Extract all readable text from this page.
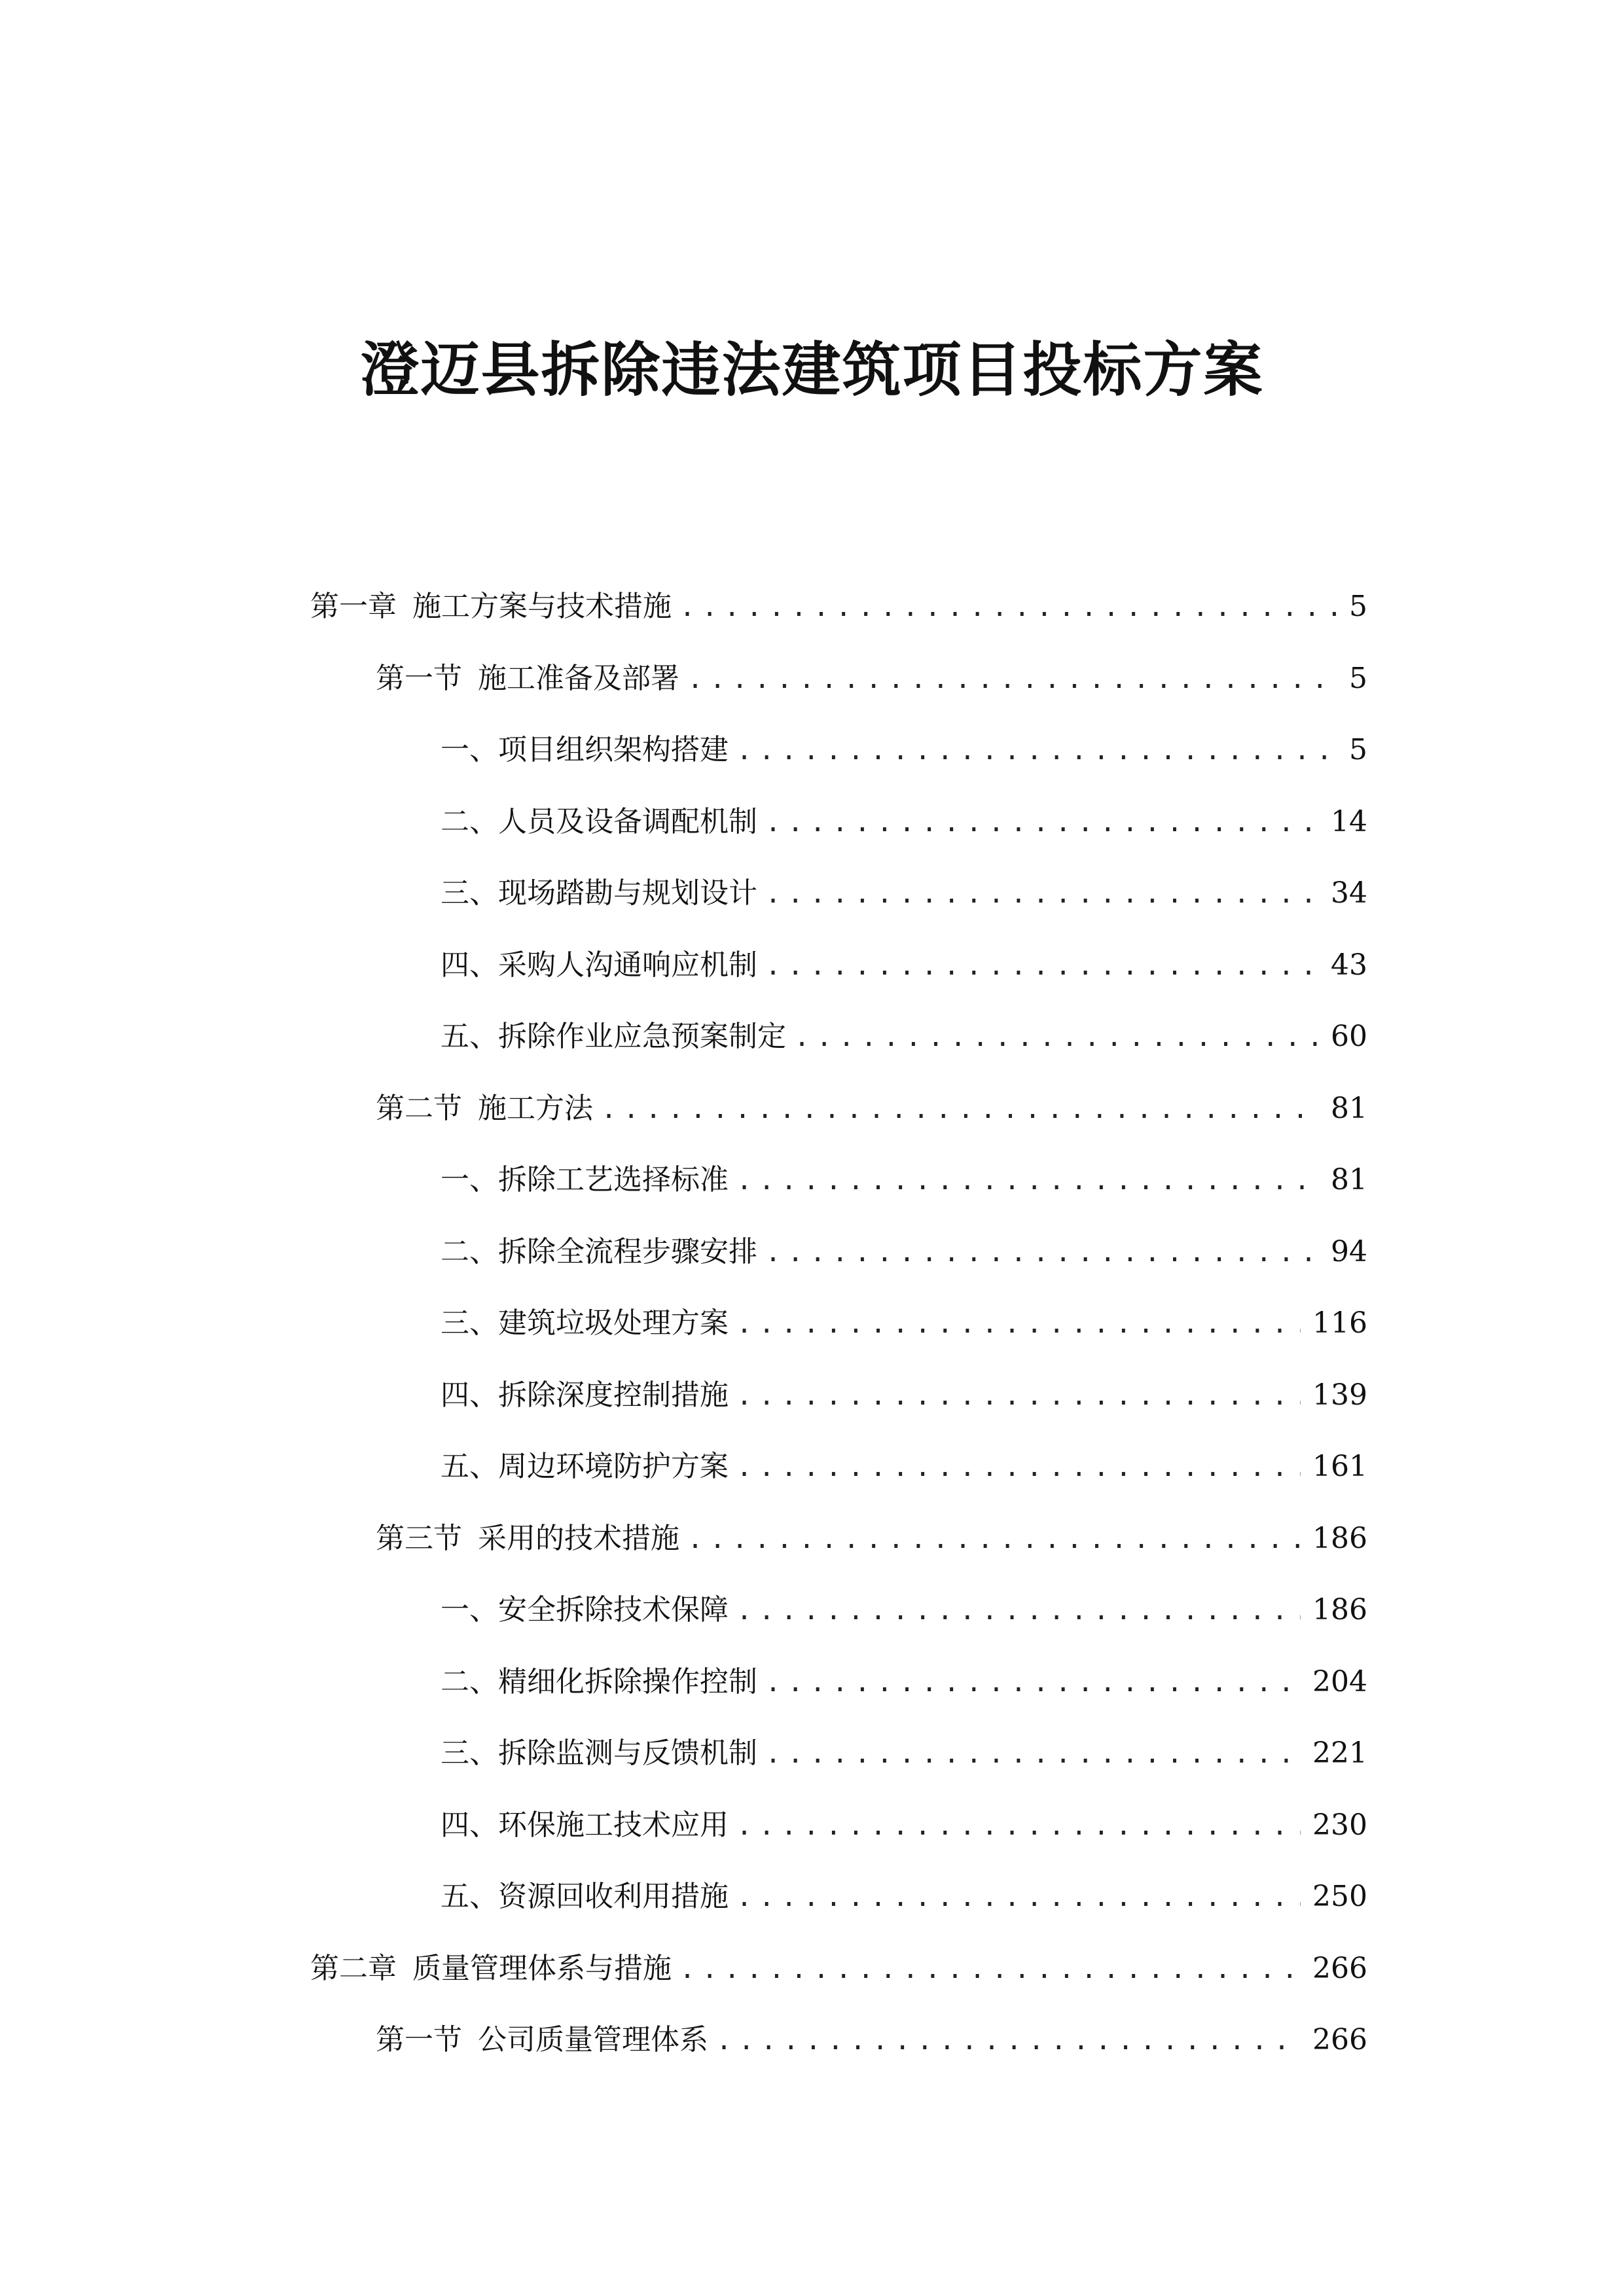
澄迈县拆除违法建筑项目投标方案
第一章 施工方案与技术措施 .....	5
第一节 施工准备及部署 .....	5
一、 项目组织架构搭建 .....	5
二、 人员及设备调配机制 .....	14
三、 现场踏勘与规划设计 .....	34
四、 采购人沟通响应机制 .....	43
五、 拆除作业应急预案制定 .....	60
第二节 施工方法 .....	81
一、 拆除工艺选择标准 .....	81
二、 拆除全流程步骤安排 .....	94
三、 建筑垃圾处理方案 .....	116
四、 拆除深度控制措施 .....	139
五、 周边环境防护方案 .....	161
第三节 采用的技术措施 .....	186
一、 安全拆除技术保障 .....	186
二、 精细化拆除操作控制 .....	204
三、 拆除监测与反馈机制 .....	221
四、 环保施工技术应用 .....	230
五、 资源回收利用措施 .....	250
第二章 质量管理体系与措施 .....	266
第一节 公司质量管理体系 .....	266
